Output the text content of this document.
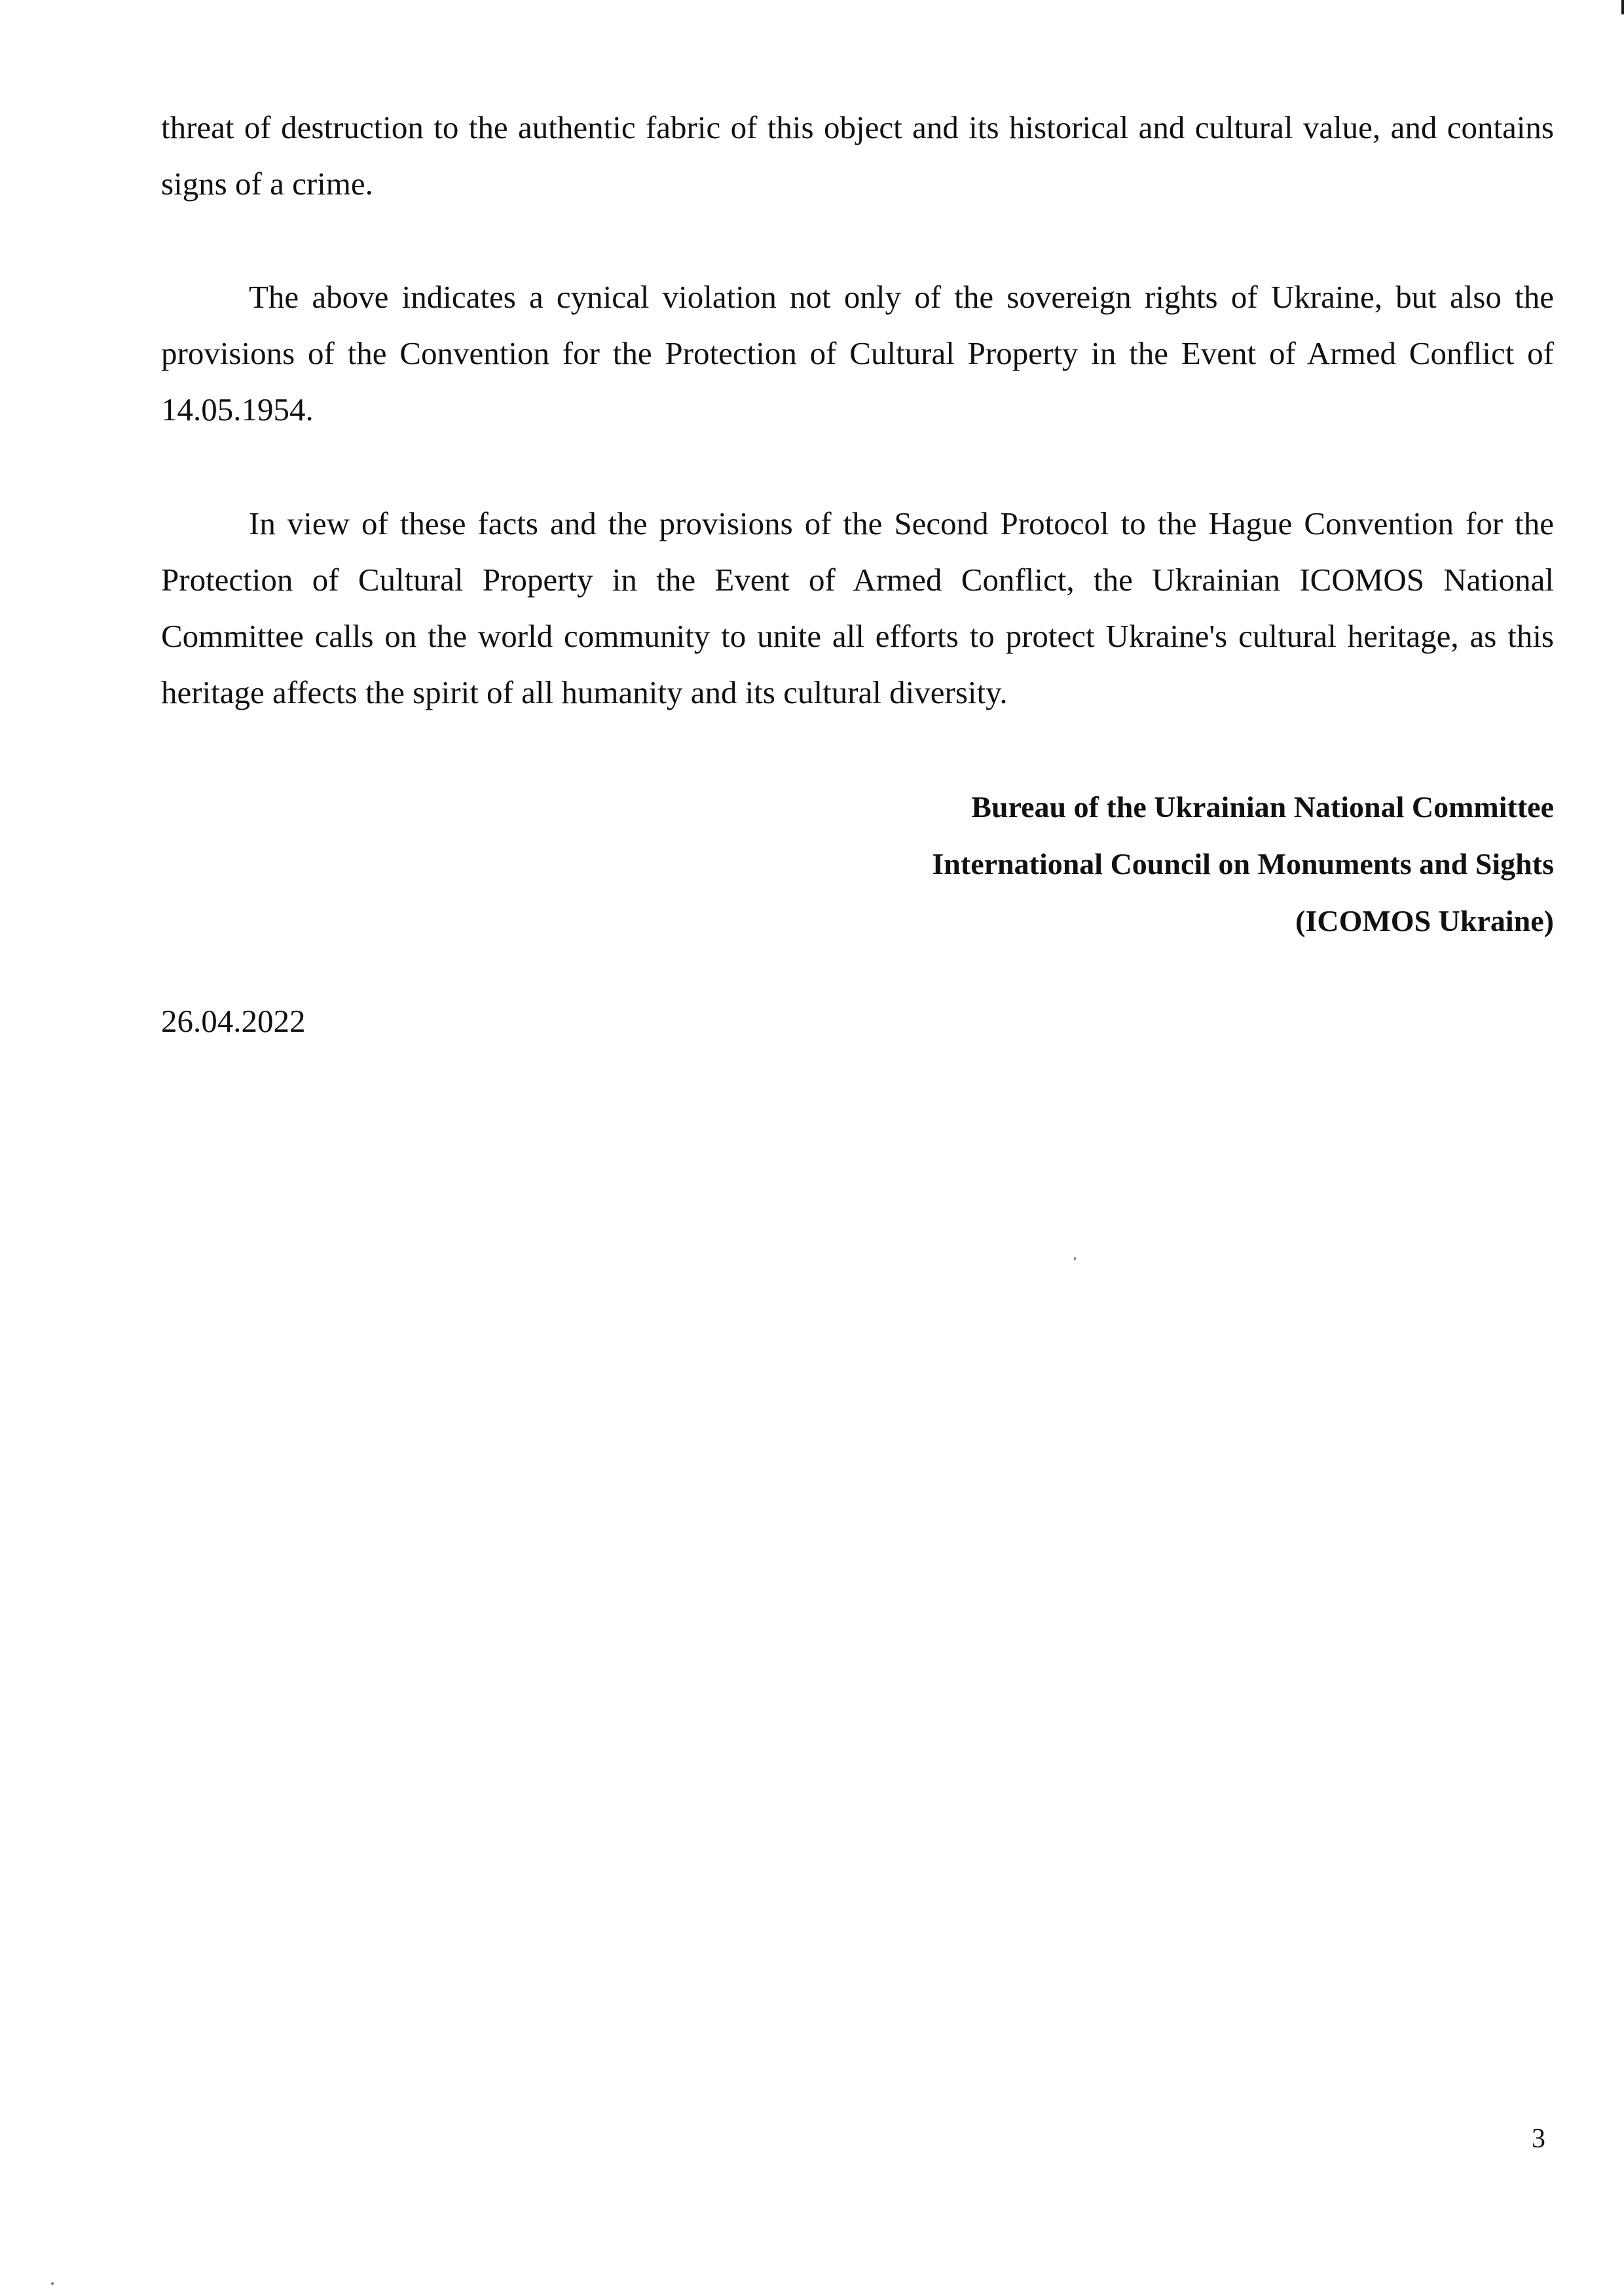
threat of destruction to the authentic fabric of this object and its historical and cultural value, and contains signs of a crime.

The above indicates a cynical violation not only of the sovereign rights of Ukraine, but also the provisions of the Convention for the Protection of Cultural Property in the Event of Armed Conflict of 14.05.1954.

In view of these facts and the provisions of the Second Protocol to the Hague Convention for the Protection of Cultural Property in the Event of Armed Conflict, the Ukrainian ICOMOS National Committee calls on the world community to unite all efforts to protect Ukraine's cultural heritage, as this heritage affects the spirit of all humanity and its cultural diversity.

Bureau of the Ukrainian National Committee
International Council on Monuments and Sights
(ICOMOS Ukraine)
26.04.2022
3
